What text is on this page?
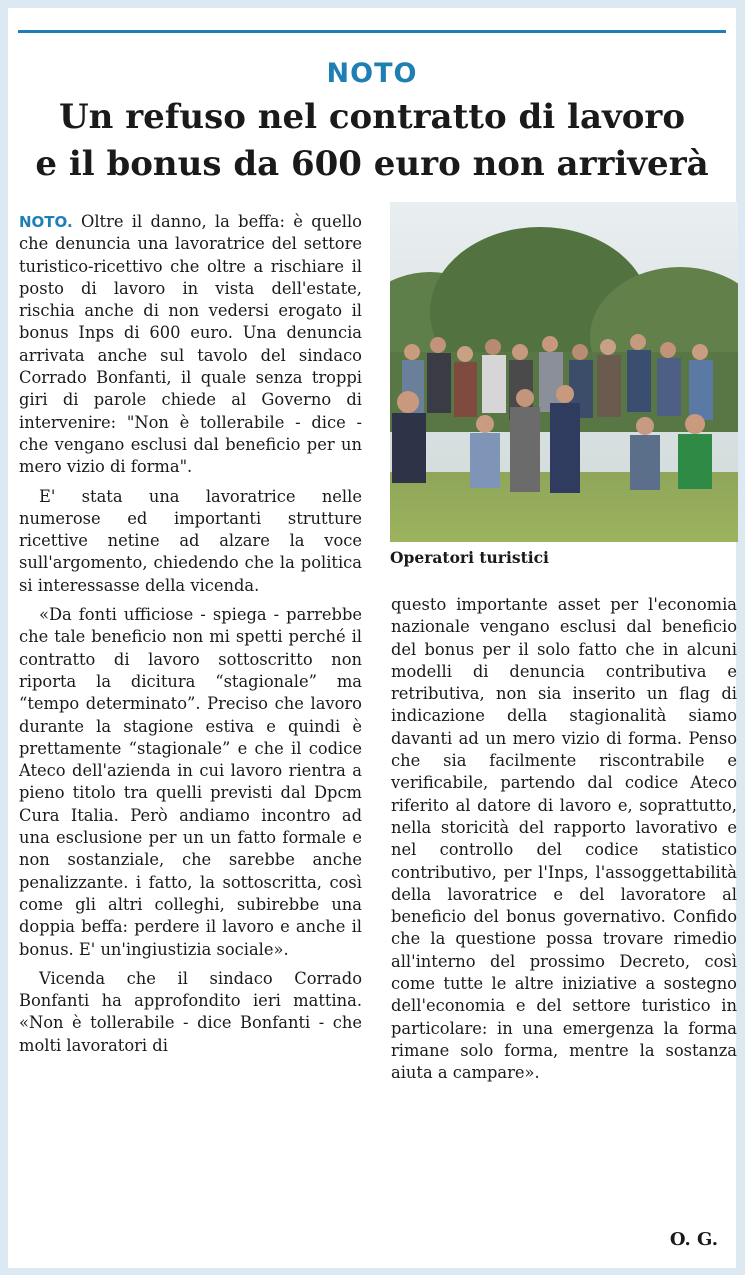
NOTO
Un refuso nel contratto di lavoro
e il bonus da 600 euro non arriverà

NOTO. Oltre il danno, la beffa: è quello che denuncia una lavoratrice del settore turistico-ricettivo che oltre a rischiare il posto di lavoro in vista dell'estate, rischia anche di non vedersi erogato il bonus Inps di 600 euro. Una denuncia arrivata anche sul tavolo del sindaco Corrado Bonfanti, il quale senza troppi giri di parole chiede al Governo di intervenire: "Non è tollerabile - dice - che vengano esclusi dal beneficio per un mero vizio di forma".

E' stata una lavoratrice nelle numerose ed importanti strutture ricettive netine ad alzare la voce sull'argomento, chiedendo che la politica si interessasse della vicenda.

«Da fonti ufficiose - spiega - parrebbe che tale beneficio non mi spetti perché il contratto di lavoro sottoscritto non riporta la dicitura “stagionale” ma “tempo determinato”. Preciso che lavoro durante la stagione estiva e quindi è prettamente “stagionale” e che il codice Ateco dell'azienda in cui lavoro rientra a pieno titolo tra quelli previsti dal Dpcm Cura Italia. Però andiamo incontro ad una esclusione per un un fatto formale e non sostanziale, che sarebbe anche penalizzante. i fatto, la sottoscritta, così come gli altri colleghi, subirebbe una doppia beffa: perdere il lavoro e anche il bonus. E' un'ingiustizia sociale».

Vicenda che il sindaco Corrado Bonfanti ha approfondito ieri mattina. «Non è tollerabile - dice Bonfanti - che molti lavoratori di

Operatori turistici

questo importante asset per l'economia nazionale vengano esclusi dal beneficio del bonus per il solo fatto che in alcuni modelli di denuncia contributiva e retributiva, non sia inserito un flag di indicazione della stagionalità siamo davanti ad un mero vizio di forma. Penso che sia facilmente riscontrabile e verificabile, partendo dal codice Ateco riferito al datore di lavoro e, soprattutto, nella storicità del rapporto lavorativo e nel controllo del codice statistico contributivo, per l'Inps, l'assoggettabilità della lavoratrice e del lavoratore al beneficio del bonus governativo. Confido che la questione possa trovare rimedio all'interno del prossimo Decreto, così come tutte le altre iniziative a sostegno dell'economia e del settore turistico in particolare: in una emergenza la forma rimane solo forma, mentre la sostanza aiuta a campare».

O. G.
